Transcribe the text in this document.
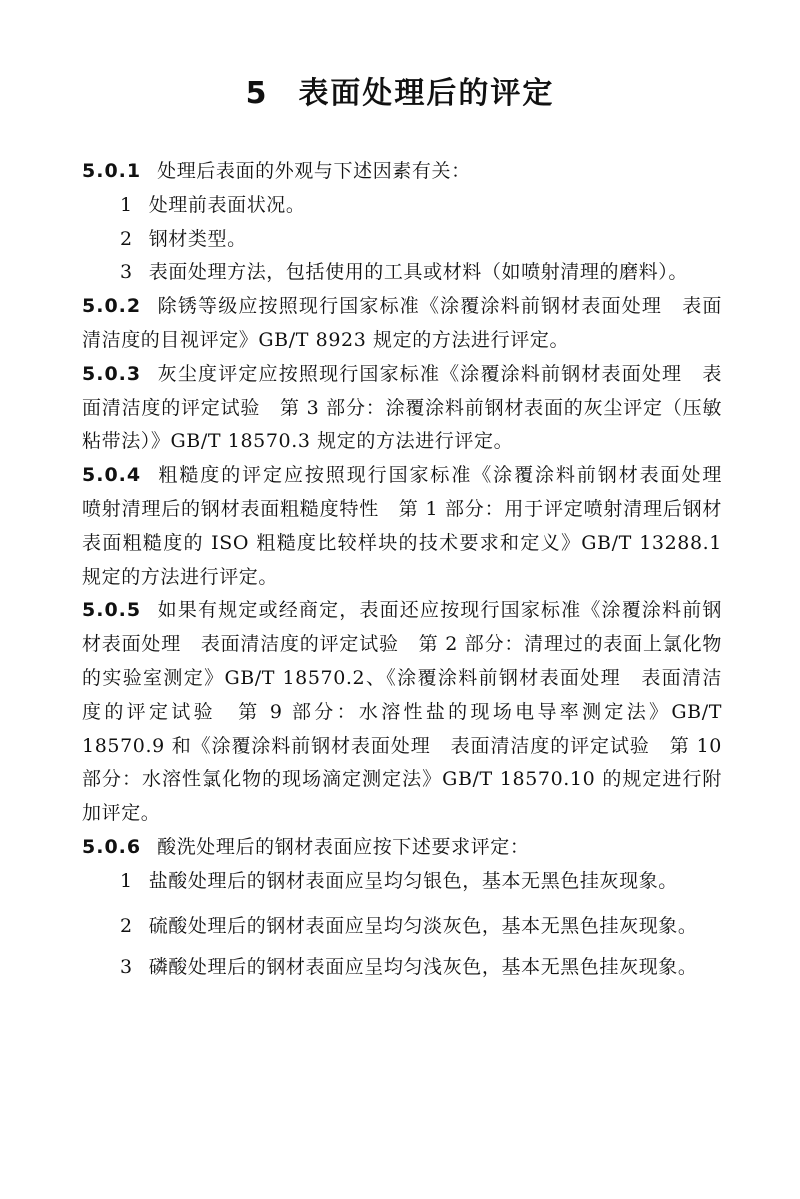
5 表面处理后的评定

5.0.1 处理后表面的外观与下述因素有关：

1 处理前表面状况。

2 钢材类型。

3 表面处理方法，包括使用的工具或材料（如喷射清理的磨料）。

5.0.2 除锈等级应按照现行国家标准《涂覆涂料前钢材表面处理　表面清洁度的目视评定》GB/T 8923 规定的方法进行评定。

5.0.3 灰尘度评定应按照现行国家标准《涂覆涂料前钢材表面处理　表面清洁度的评定试验　第 3 部分：涂覆涂料前钢材表面的灰尘评定（压敏粘带法）》GB/T 18570.3 规定的方法进行评定。

5.0.4 粗糙度的评定应按照现行国家标准《涂覆涂料前钢材表面处理　喷射清理后的钢材表面粗糙度特性　第 1 部分：用于评定喷射清理后钢材表面粗糙度的 ISO 粗糙度比较样块的技术要求和定义》GB/T 13288.1 规定的方法进行评定。

5.0.5 如果有规定或经商定，表面还应按现行国家标准《涂覆涂料前钢材表面处理　表面清洁度的评定试验　第 2 部分：清理过的表面上氯化物的实验室测定》GB/T 18570.2、《涂覆涂料前钢材表面处理　表面清洁度的评定试验　第 9 部分：水溶性盐的现场电导率测定法》GB/T 18570.9 和《涂覆涂料前钢材表面处理　表面清洁度的评定试验　第 10 部分：水溶性氯化物的现场滴定测定法》GB/T 18570.10 的规定进行附加评定。

5.0.6 酸洗处理后的钢材表面应按下述要求评定：

1 盐酸处理后的钢材表面应呈均匀银色，基本无黑色挂灰现象。

2 硫酸处理后的钢材表面应呈均匀淡灰色，基本无黑色挂灰现象。

3 磷酸处理后的钢材表面应呈均匀浅灰色，基本无黑色挂灰现象。
